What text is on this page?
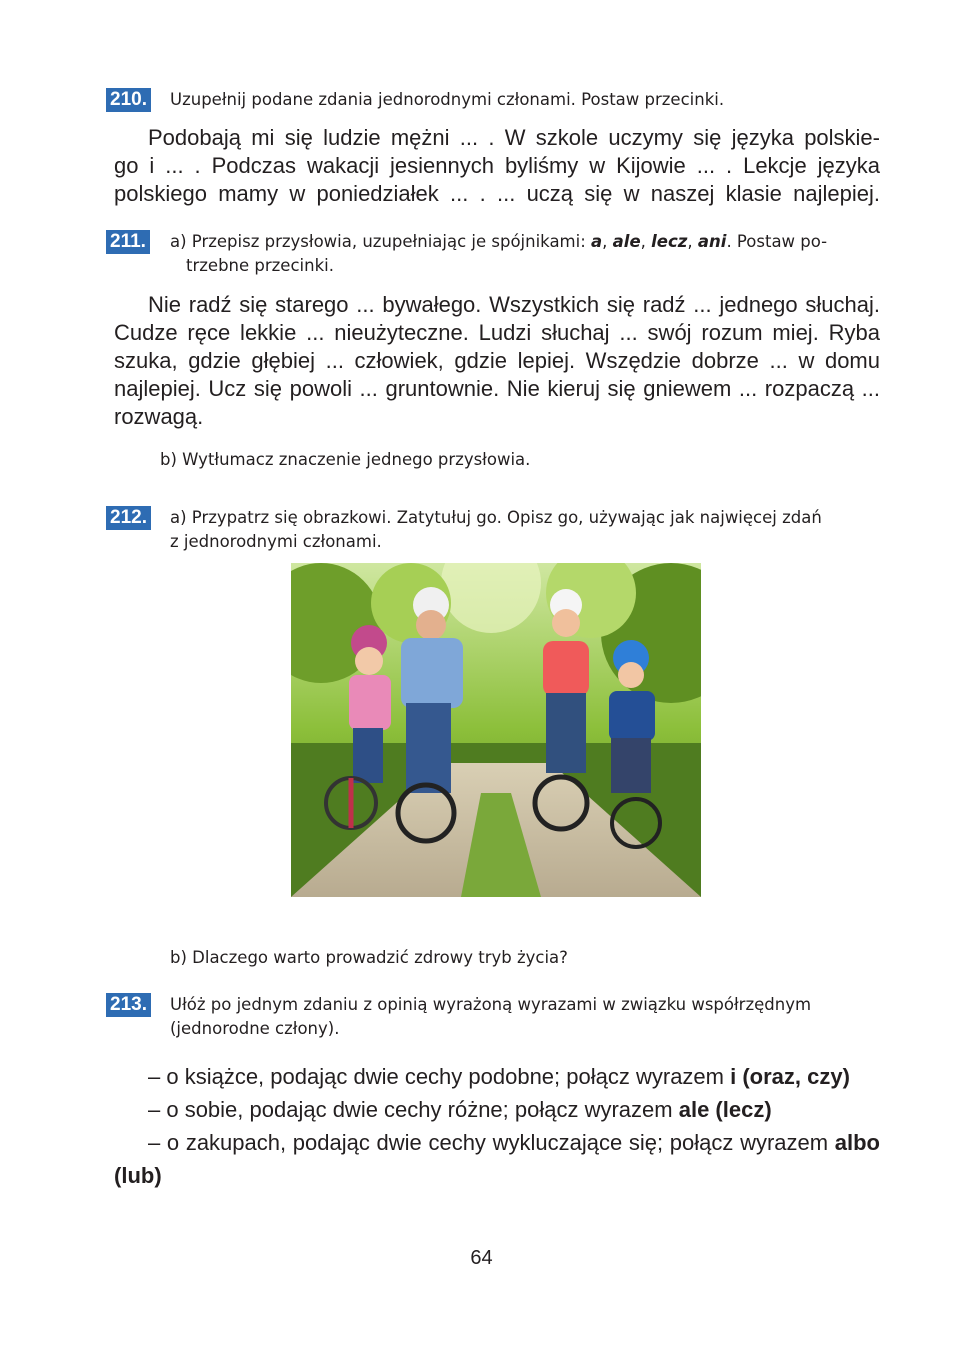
210. Uzupełnij podane zdania jednorodnymi członami. Postaw przecinki.
Podobają mi się ludzie mężni ... . W szkole uczymy się języka polskie-
go i ... . Podczas wakacji jesiennych byliśmy w Kijowie ... . Lekcje języka
polskiego mamy w poniedziałek ... . ... uczą się w naszej klasie najlepiej.
211. a) Przepisz przysłowia, uzupełniając je spójnikami: a, ale, lecz, ani. Postaw po-
trzebne przecinki.

Nie radź się starego ... bywałego. Wszystkich się radź ... jednego słuchaj. Cudze ręce lekkie ... nieużyteczne. Ludzi słuchaj ... swój rozum miej. Ryba szuka, gdzie głębiej ... człowiek, gdzie lepiej. Wszędzie dobrze ... w domu najlepiej. Ucz się powoli ... gruntownie. Nie kieruj się gniewem ... rozpaczą ... rozwagą.

b) Wytłumacz znaczenie jednego przysłowia.
212. a) Przypatrz się obrazkowi. Zatytułuj go. Opisz go, używając jak najwięcej zdań
z jednorodnymi członami.
b) Dlaczego warto prowadzić zdrowy tryb życia?
213. Ułóż po jednym zdaniu z opinią wyrażoną wyrazami w związku współrzędnym
(jednorodne człony).

– o książce, podając dwie cechy podobne; połącz wyrazem i (oraz, czy)

– o sobie, podając dwie cechy różne; połącz wyrazem ale (lecz)

– o zakupach, podając dwie cechy wykluczające się; połącz wyrazem albo (lub)

64
